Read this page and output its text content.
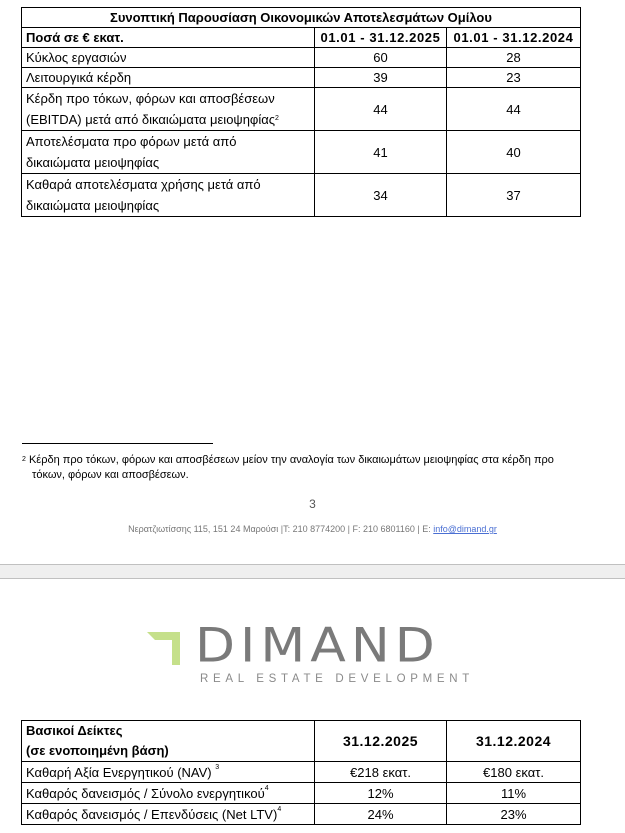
Συνοπτική Παρουσίαση Οικονομικών Αποτελεσμάτων Ομίλου		
Ποσά σε € εκατ.	01.01 - 31.12.2025	01.01 - 31.12.2024
Κύκλος εργασιών	60	28
Λειτουργικά κέρδη	39	23
Κέρδη προ τόκων, φόρων και αποσβέσεων
(EBITDA) μετά από δικαιώματα μειοψηφίας$^2$	44	44
Αποτελέσματα προ φόρων μετά από
δικαιώματα μειοψηφίας	41	40
Καθαρά αποτελέσματα χρήσης μετά από
δικαιώματα μειοψηφίας	34	37
$^2$ Κέρδη προ τόκων, φόρων και αποσβέσεων μείον την αναλογία των δικαιωμάτων μειοψηφίας στα κέρδη προ
τόκων, φόρων και αποσβέσεων.
3
Νερατζιωτίσσης 115, 151 24 Μαρούσι |T: 210 8774200 | F: 210 6801160 | E: info@dimand.gr
DIMAND
REAL ESTATE DEVELOPMENT
Βασικοί Δείκτες
(σε ενοποιημένη βάση)	31.12.2025	31.12.2024
Καθαρή Αξία Ενεργητικού (NAV) $^3$	€218 εκατ.	€180 εκατ.
Καθαρός δανεισμός / Σύνολο ενεργητικού$^4$	12%	11%
Καθαρός δανεισμός / Επενδύσεις (Net LTV)$^4$	24%	23%
